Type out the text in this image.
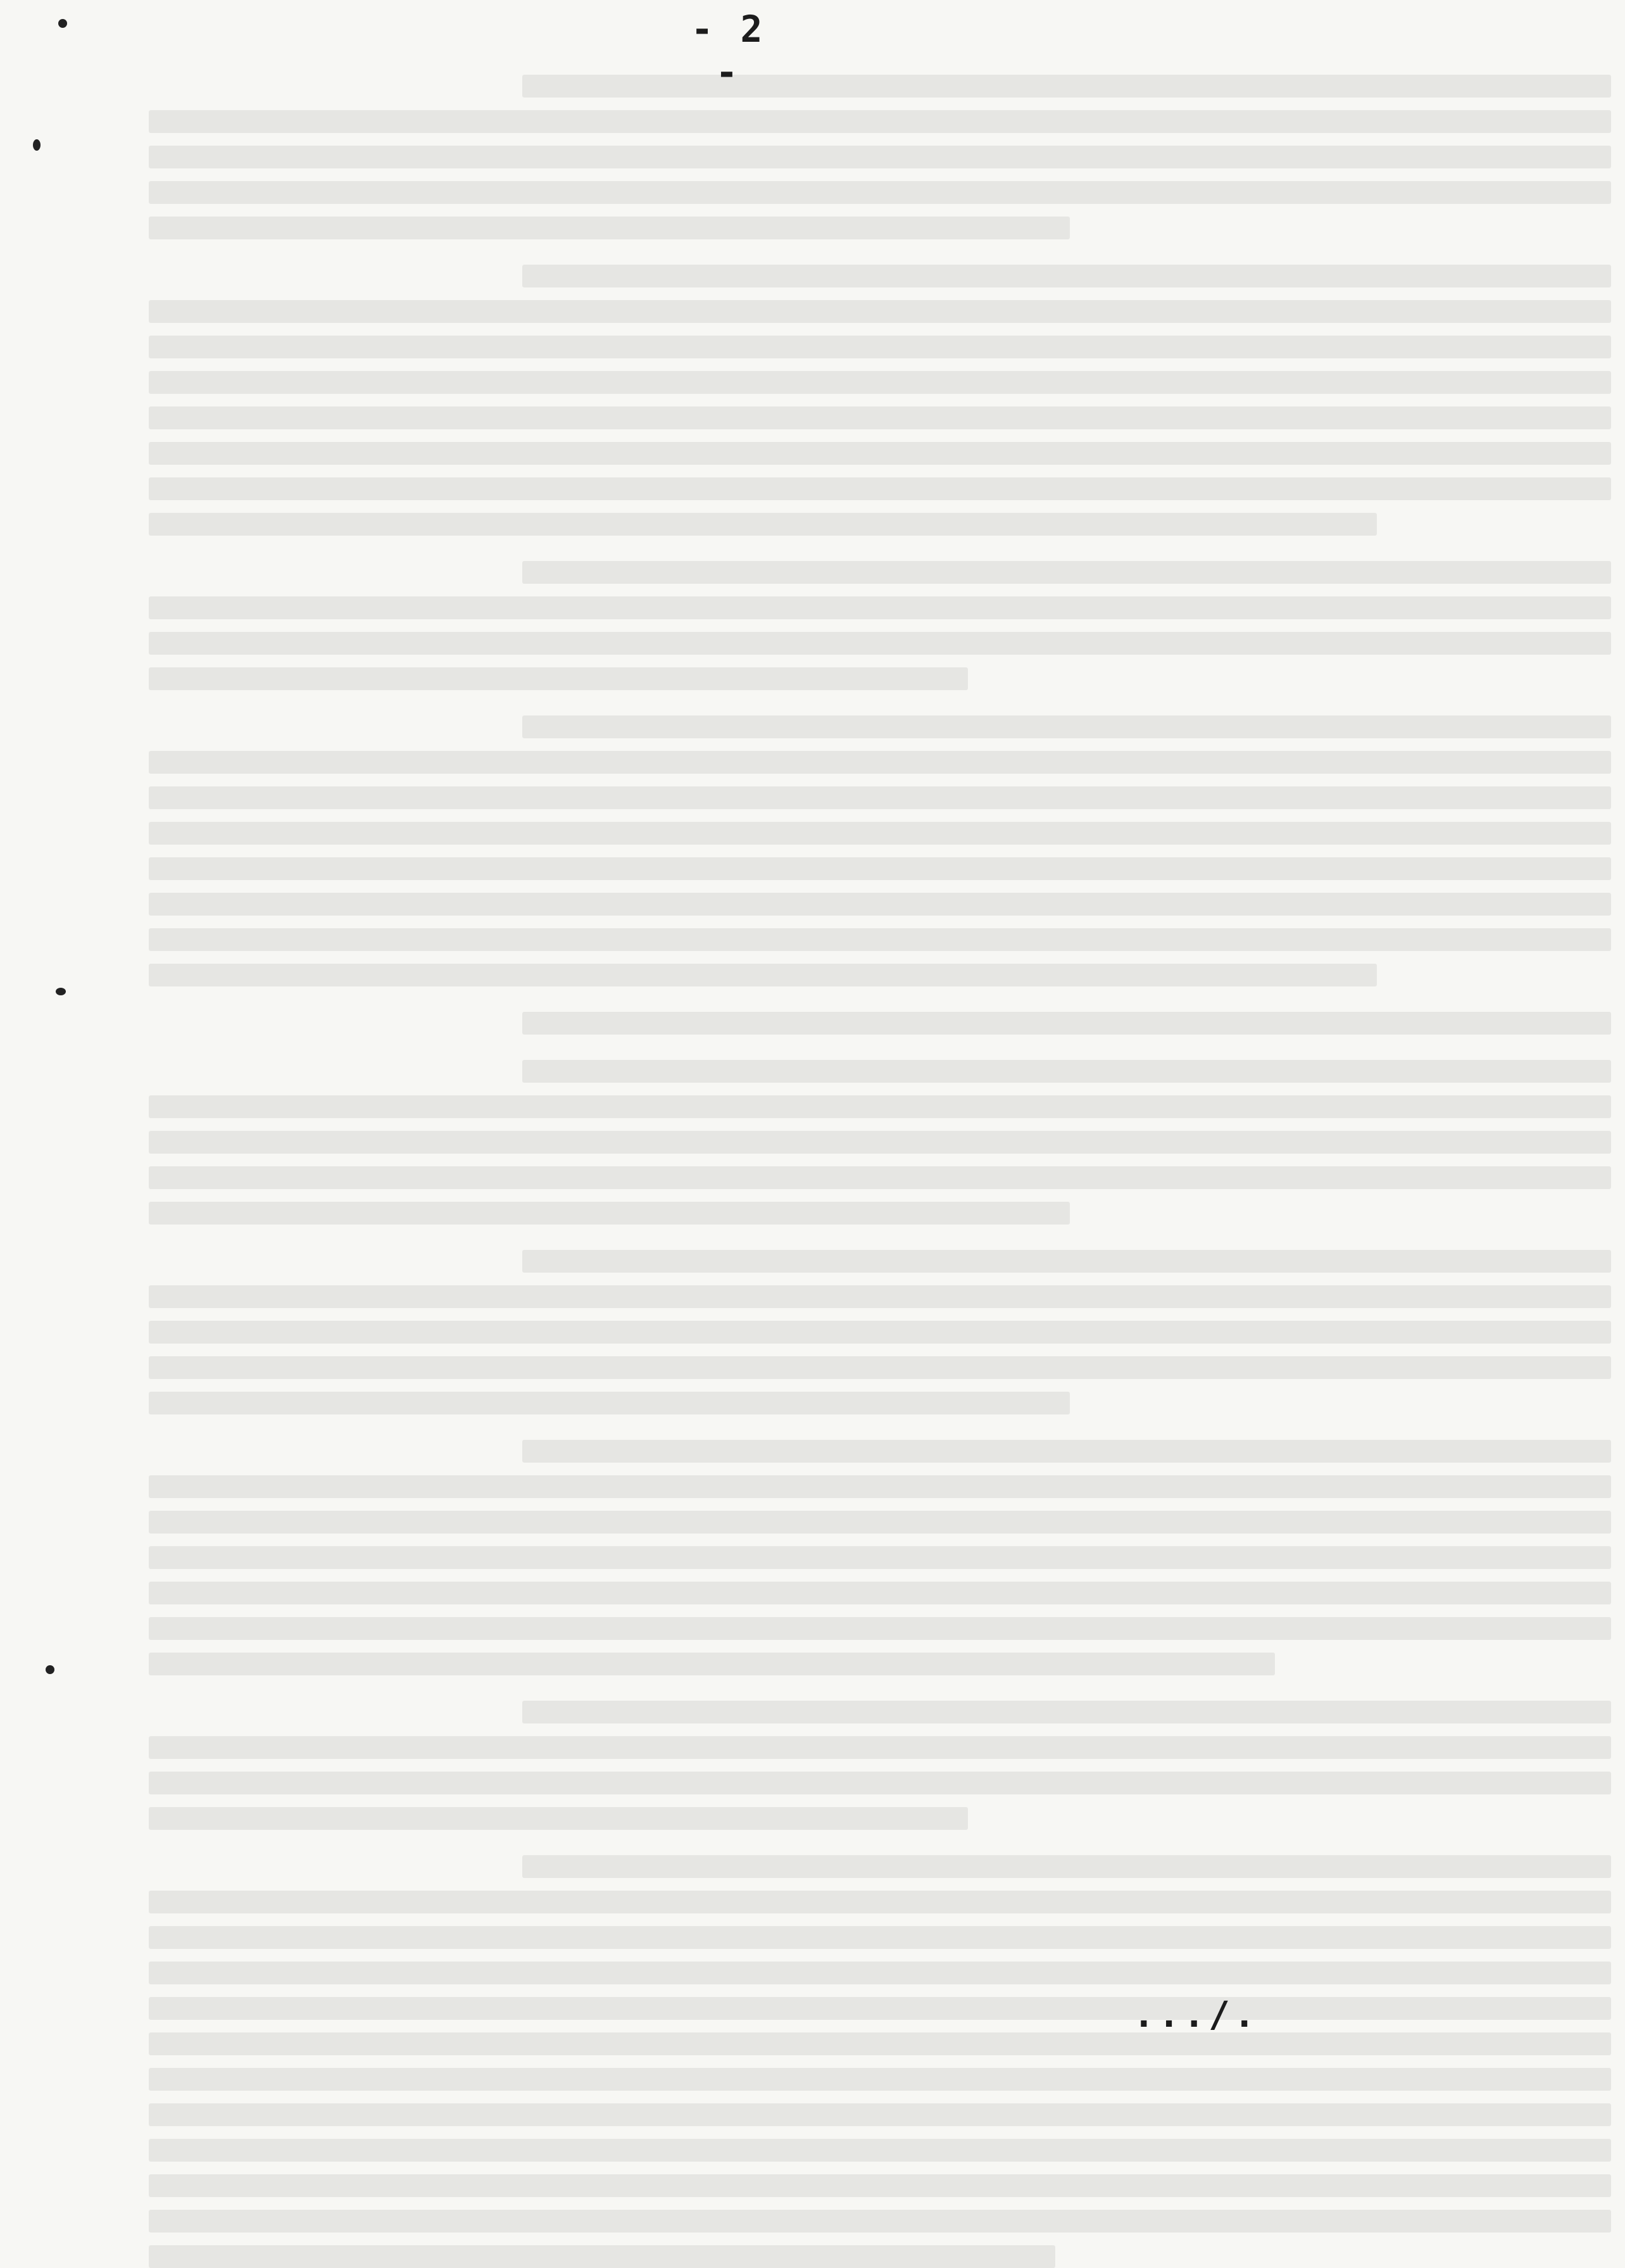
- 2 -
.../.
